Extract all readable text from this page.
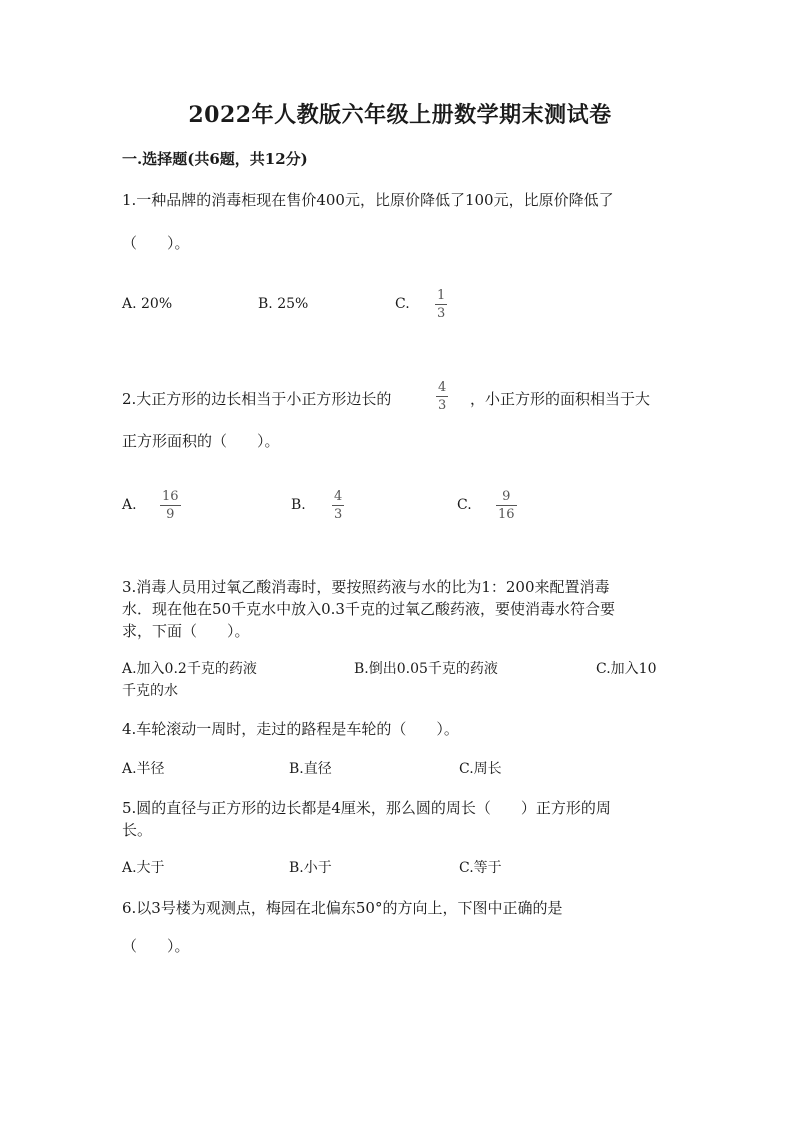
2022年人教版六年级上册数学期末测试卷
一.选择题(共6题，共12分)
1.一种品牌的消毒柜现在售价400元，比原价降低了100元，比原价降低了
（　　）。
A. 20%	B. 25%	C.
1
3
2.大正方形的边长相当于小正方形边长的
4
3 ，小正方形的面积相当于大
正方形面积的（　　）。
A.
16
9
B.
4
3
C.
9
16
3.消毒人员用过氧乙酸消毒时，要按照药液与水的比为1：200来配置消毒
水．现在他在50千克水中放入0.3千克的过氧乙酸药液，要使消毒水符合要
求，下面（　　）。
A.加入0.2千克的药液	B.倒出0.05千克的药液	C.加入10
千克的水
4.车轮滚动一周时，走过的路程是车轮的（　　）。
A.半径	B.直径	C.周长
5.圆的直径与正方形的边长都是4厘米，那么圆的周长（　　）正方形的周
长。
A.大于	B.小于	C.等于
6.以3号楼为观测点，梅园在北偏东50°的方向上，下图中正确的是
（　　）。
